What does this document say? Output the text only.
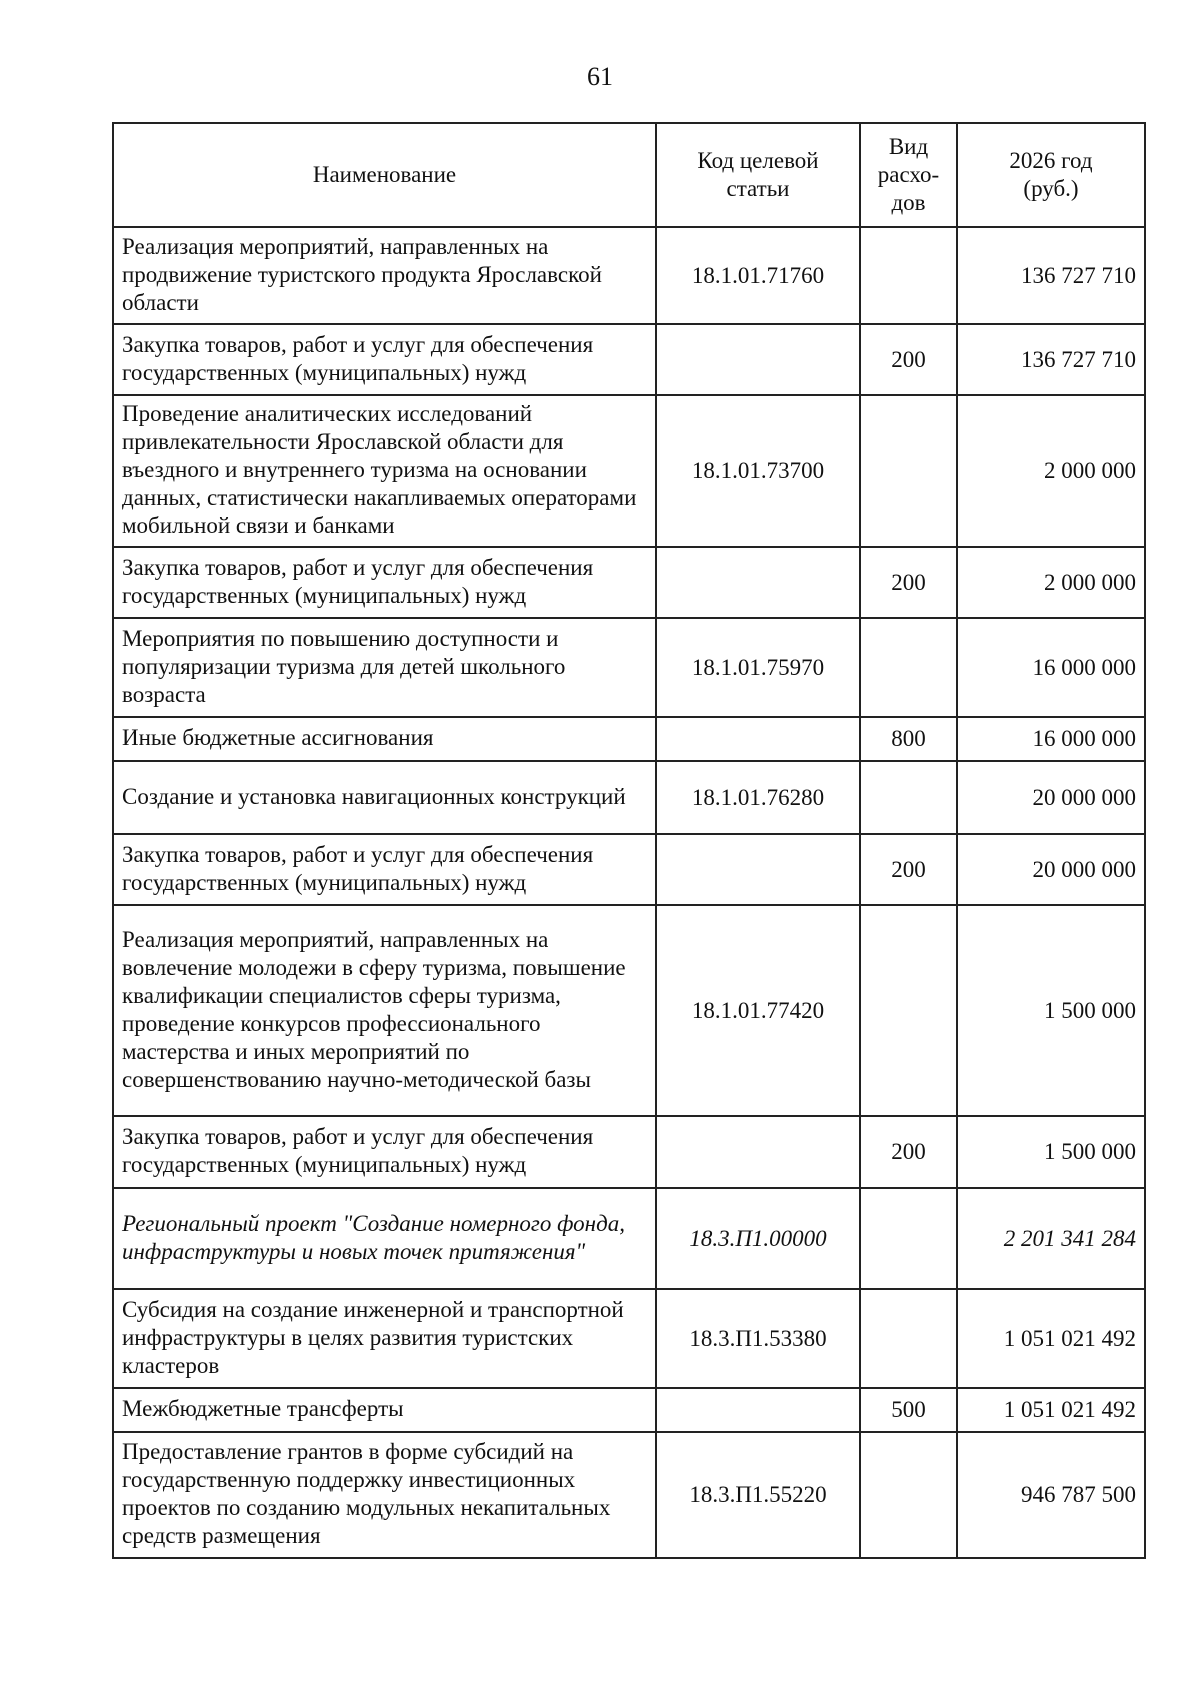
61
Наименование	Код целевой статьи	Вид расхо-дов	2026 год (руб.)
Реализация мероприятий, направленных на продвижение туристского продукта Ярославской области	18.1.01.71760		136 727 710
Закупка товаров, работ и услуг для обеспечения государственных (муниципальных) нужд		200	136 727 710
Проведение аналитических исследований привлекательности Ярославской области для въездного и внутреннего туризма на основании данных, статистически накапливаемых операторами мобильной связи и банками	18.1.01.73700		2 000 000
Закупка товаров, работ и услуг для обеспечения государственных (муниципальных) нужд		200	2 000 000
Мероприятия по повышению доступности и популяризации туризма для детей школьного возраста	18.1.01.75970		16 000 000
Иные бюджетные ассигнования		800	16 000 000
Создание и установка навигационных конструкций	18.1.01.76280		20 000 000
Закупка товаров, работ и услуг для обеспечения государственных (муниципальных) нужд		200	20 000 000
Реализация мероприятий, направленных на вовлечение молодежи в сферу туризма, повышение квалификации специалистов сферы туризма, проведение конкурсов профессионального мастерства и иных мероприятий по совершенствованию научно-методической базы	18.1.01.77420		1 500 000
Закупка товаров, работ и услуг для обеспечения государственных (муниципальных) нужд		200	1 500 000
Региональный проект "Создание номерного фонда, инфраструктуры и новых точек притяжения"	18.3.П1.00000		2 201 341 284
Субсидия на создание инженерной и транспортной инфраструктуры в целях развития туристских кластеров	18.3.П1.53380		1 051 021 492
Межбюджетные трансферты		500	1 051 021 492
Предоставление грантов в форме субсидий на государственную поддержку инвестиционных проектов по созданию модульных некапитальных средств размещения	18.3.П1.55220		946 787 500
